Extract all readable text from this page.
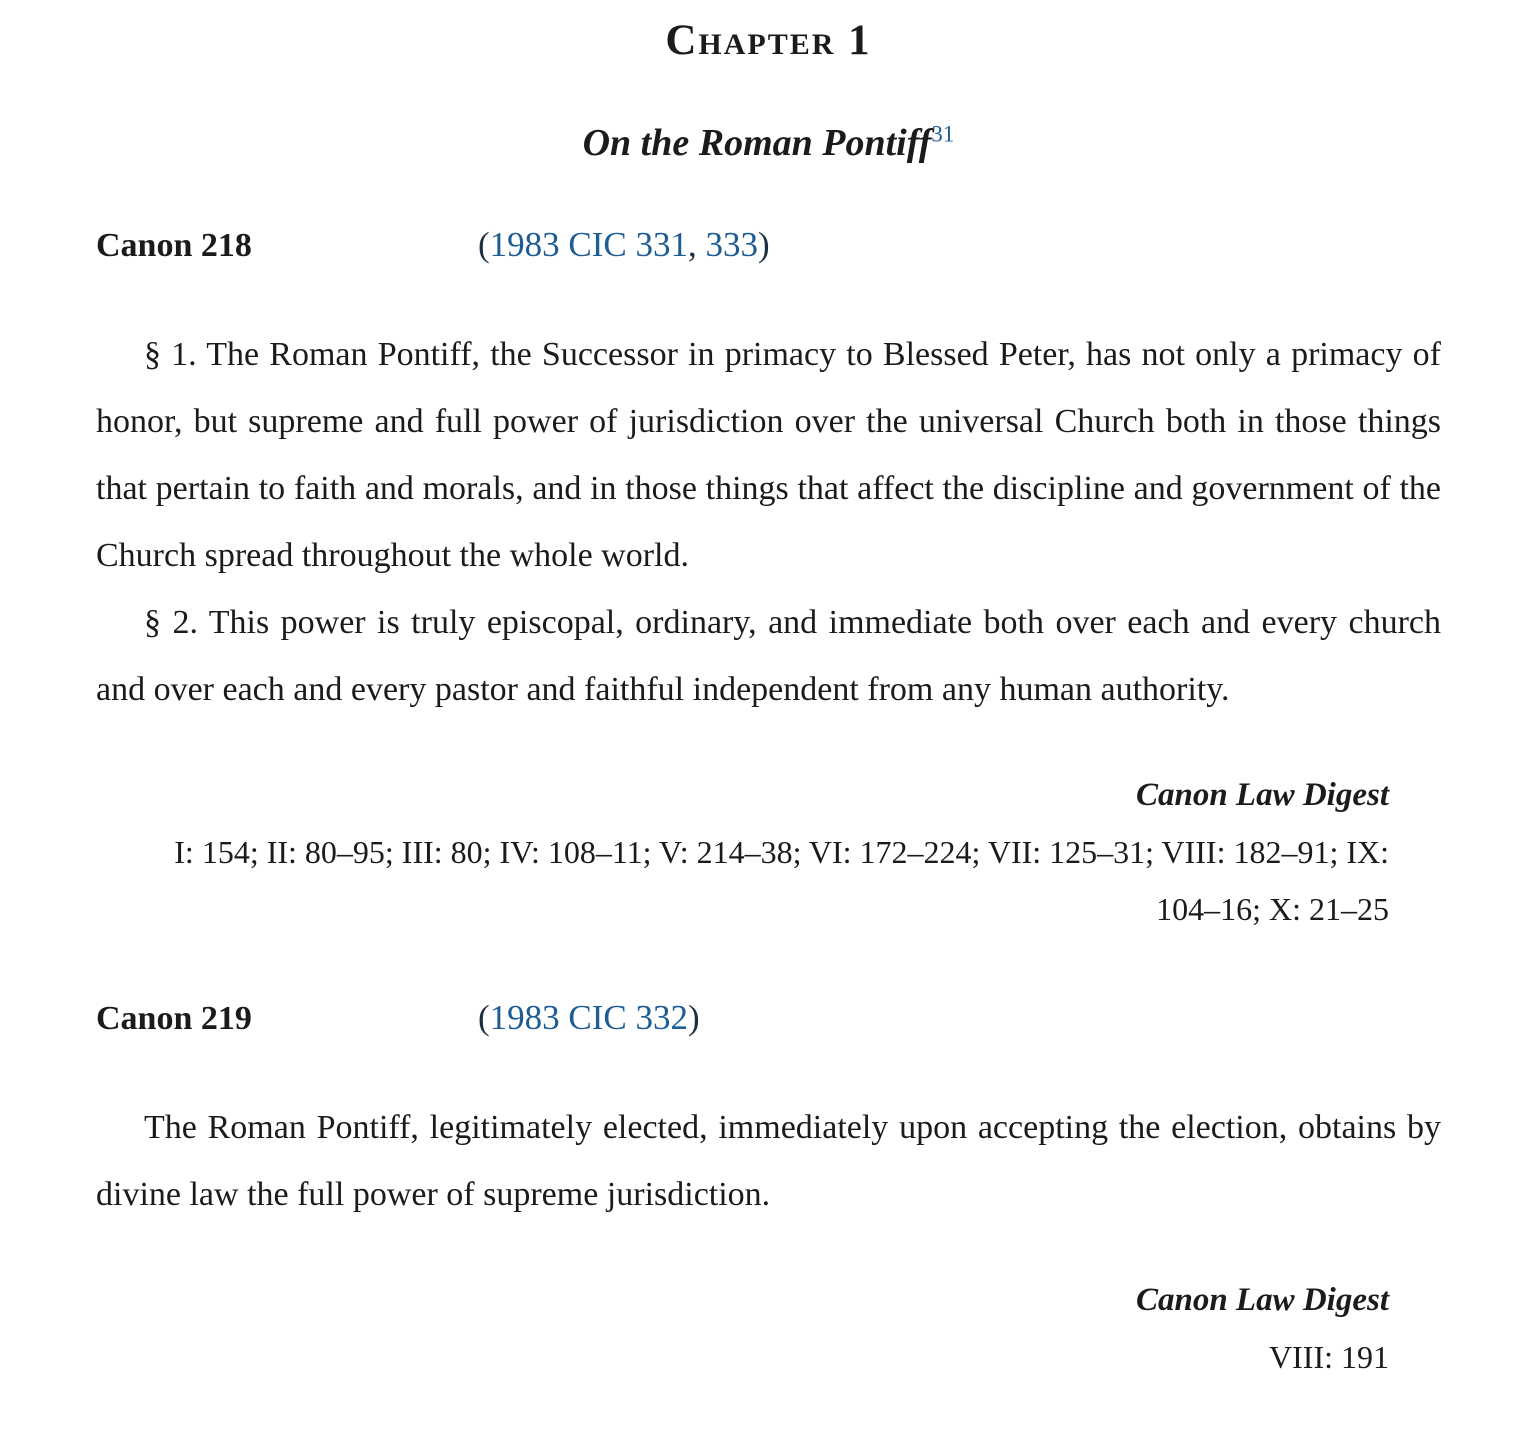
Chapter 1
On the Roman Pontiff$^{31}$
Canon 218	(1983 CIC 331, 333)

§ 1. The Roman Pontiff, the Successor in primacy to Blessed Peter, has not only a primacy of honor, but supreme and full power of jurisdiction over the universal Church both in those things that pertain to faith and morals, and in those things that affect the discipline and government of the Church spread throughout the whole world.

§ 2. This power is truly episcopal, ordinary, and immediate both over each and every church and over each and every pastor and faithful independent from any human authority.

Canon Law Digest
I: 154; II: 80–95; III: 80; IV: 108–11; V: 214–38; VI: 172–224; VII: 125–31; VIII: 182–91; IX: 104–16; X: 21–25
Canon 219	(1983 CIC 332)

The Roman Pontiff, legitimately elected, immediately upon accepting the election, obtains by divine law the full power of supreme jurisdiction.

Canon Law Digest
VIII: 191
